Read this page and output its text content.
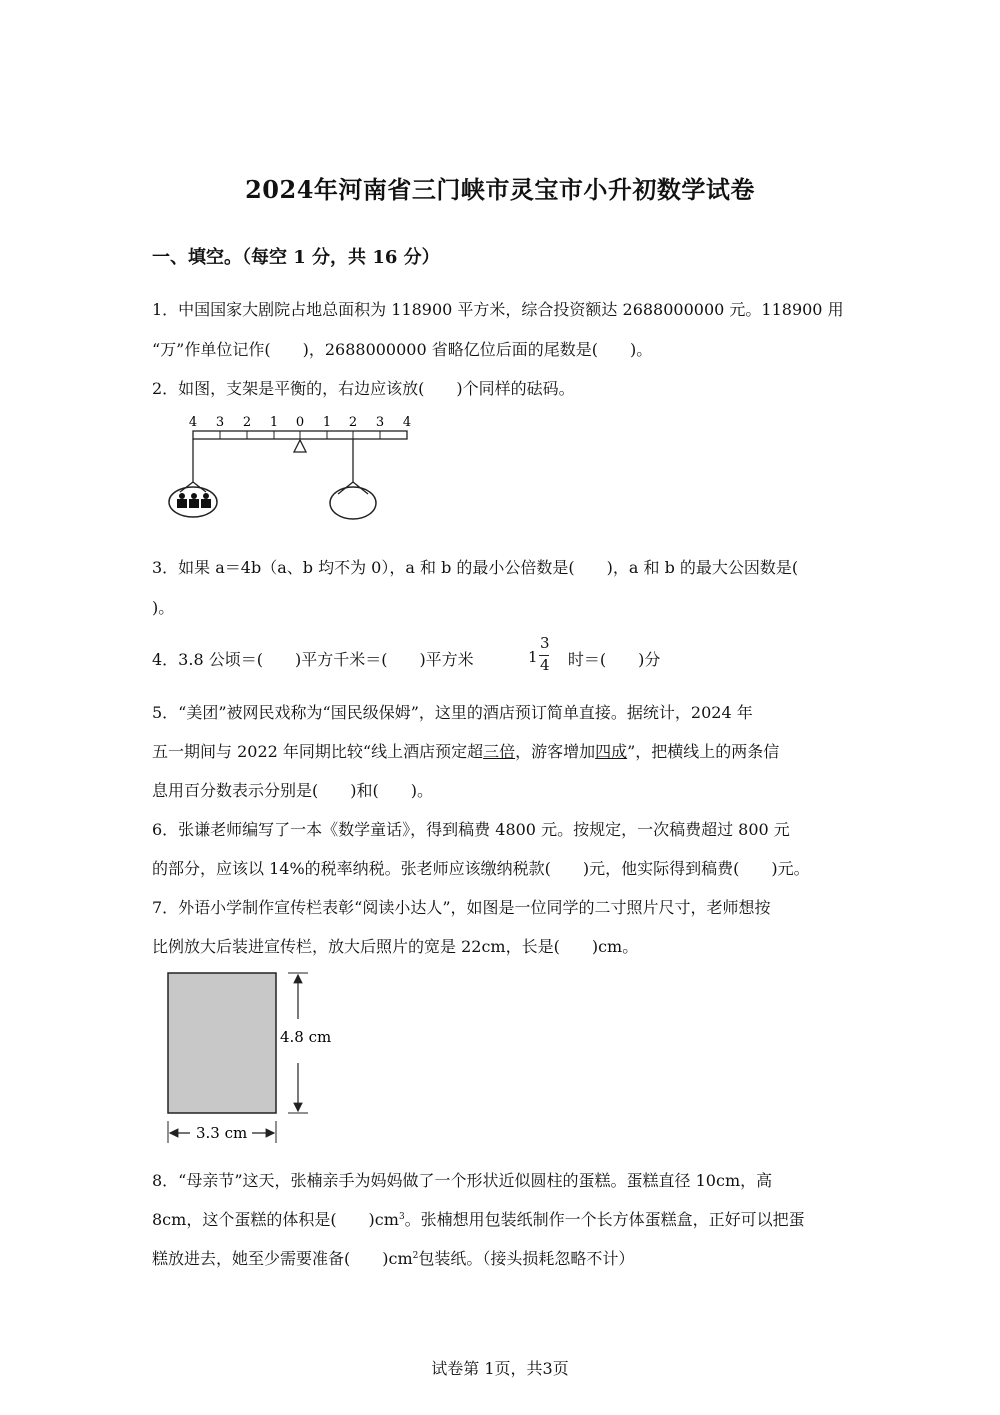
2024年河南省三门峡市灵宝市小升初数学试卷
一、填空。（每空 1 分，共 16 分）
1．中国国家大剧院占地总面积为 118900 平方米，综合投资额达 2688000000 元。118900 用
“万”作单位记作(　　)，2688000000 省略亿位后面的尾数是(　　)。
2．如图，支架是平衡的，右边应该放(　　)个同样的砝码。
4 3 2 1 0 1 2 3 4
3．如果 a＝4b（a、b 均不为 0），a 和 b 的最小公倍数是(　　)，a 和 b 的最大公因数是(
)。
4．3.8 公顷＝(　　)平方千米＝(　　)平方米	时＝(　　)分
1
3
4
5．“美团”被网民戏称为“国民级保姆”，这里的酒店预订简单直接。据统计，2024 年
五一期间与 2022 年同期比较“线上酒店预定超三倍，游客增加四成”，把横线上的两条信
息用百分数表示分别是(　　)和(　　)。
6．张谦老师编写了一本《数学童话》，得到稿费 4800 元。按规定，一次稿费超过 800 元
的部分，应该以 14%的税率纳税。张老师应该缴纳税款(　　)元，他实际得到稿费(　　)元。
7．外语小学制作宣传栏表彰“阅读小达人”，如图是一位同学的二寸照片尺寸，老师想按
比例放大后装进宣传栏，放大后照片的宽是 22cm，长是(　　)cm。
4.8 cm
3.3 cm
8．“母亲节”这天，张楠亲手为妈妈做了一个形状近似圆柱的蛋糕。蛋糕直径 10cm，高
8cm，这个蛋糕的体积是(　　)$cm^3$。张楠想用包装纸制作一个长方体蛋糕盒，正好可以把蛋
糕放进去，她至少需要准备(　　)$cm^2$包装纸。（接头损耗忽略不计）
试卷第 1页，共3页
